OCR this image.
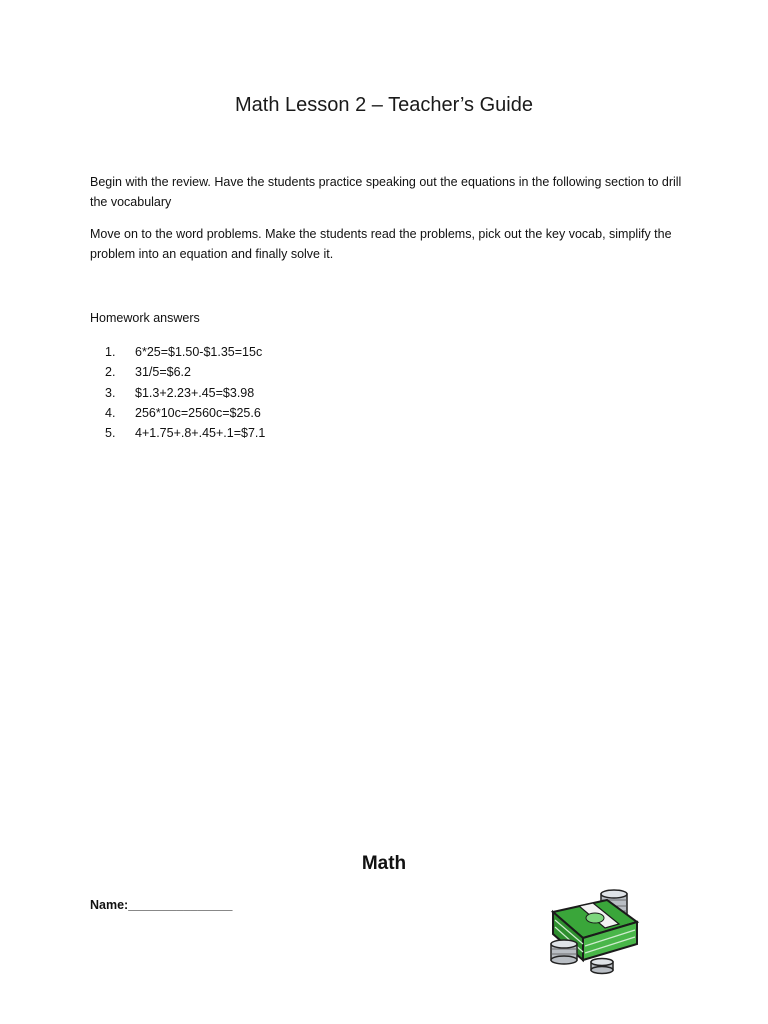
Math Lesson 2 – Teacher’s Guide
Begin with the review. Have the students practice speaking out the equations in the following section to drill the vocabulary
Move on to the word problems. Make the students read the problems, pick out the key vocab, simplify the problem into an equation and finally solve it.
Homework answers
1.	6*25=$1.50-$1.35=15c
2.	31/5=$6.2
3.	$1.3+2.23+.45=$3.98
4.	256*10c=2560c=$25.6
5.	4+1.75+.8+.45+.1=$7.1
Math
Name:_______________
